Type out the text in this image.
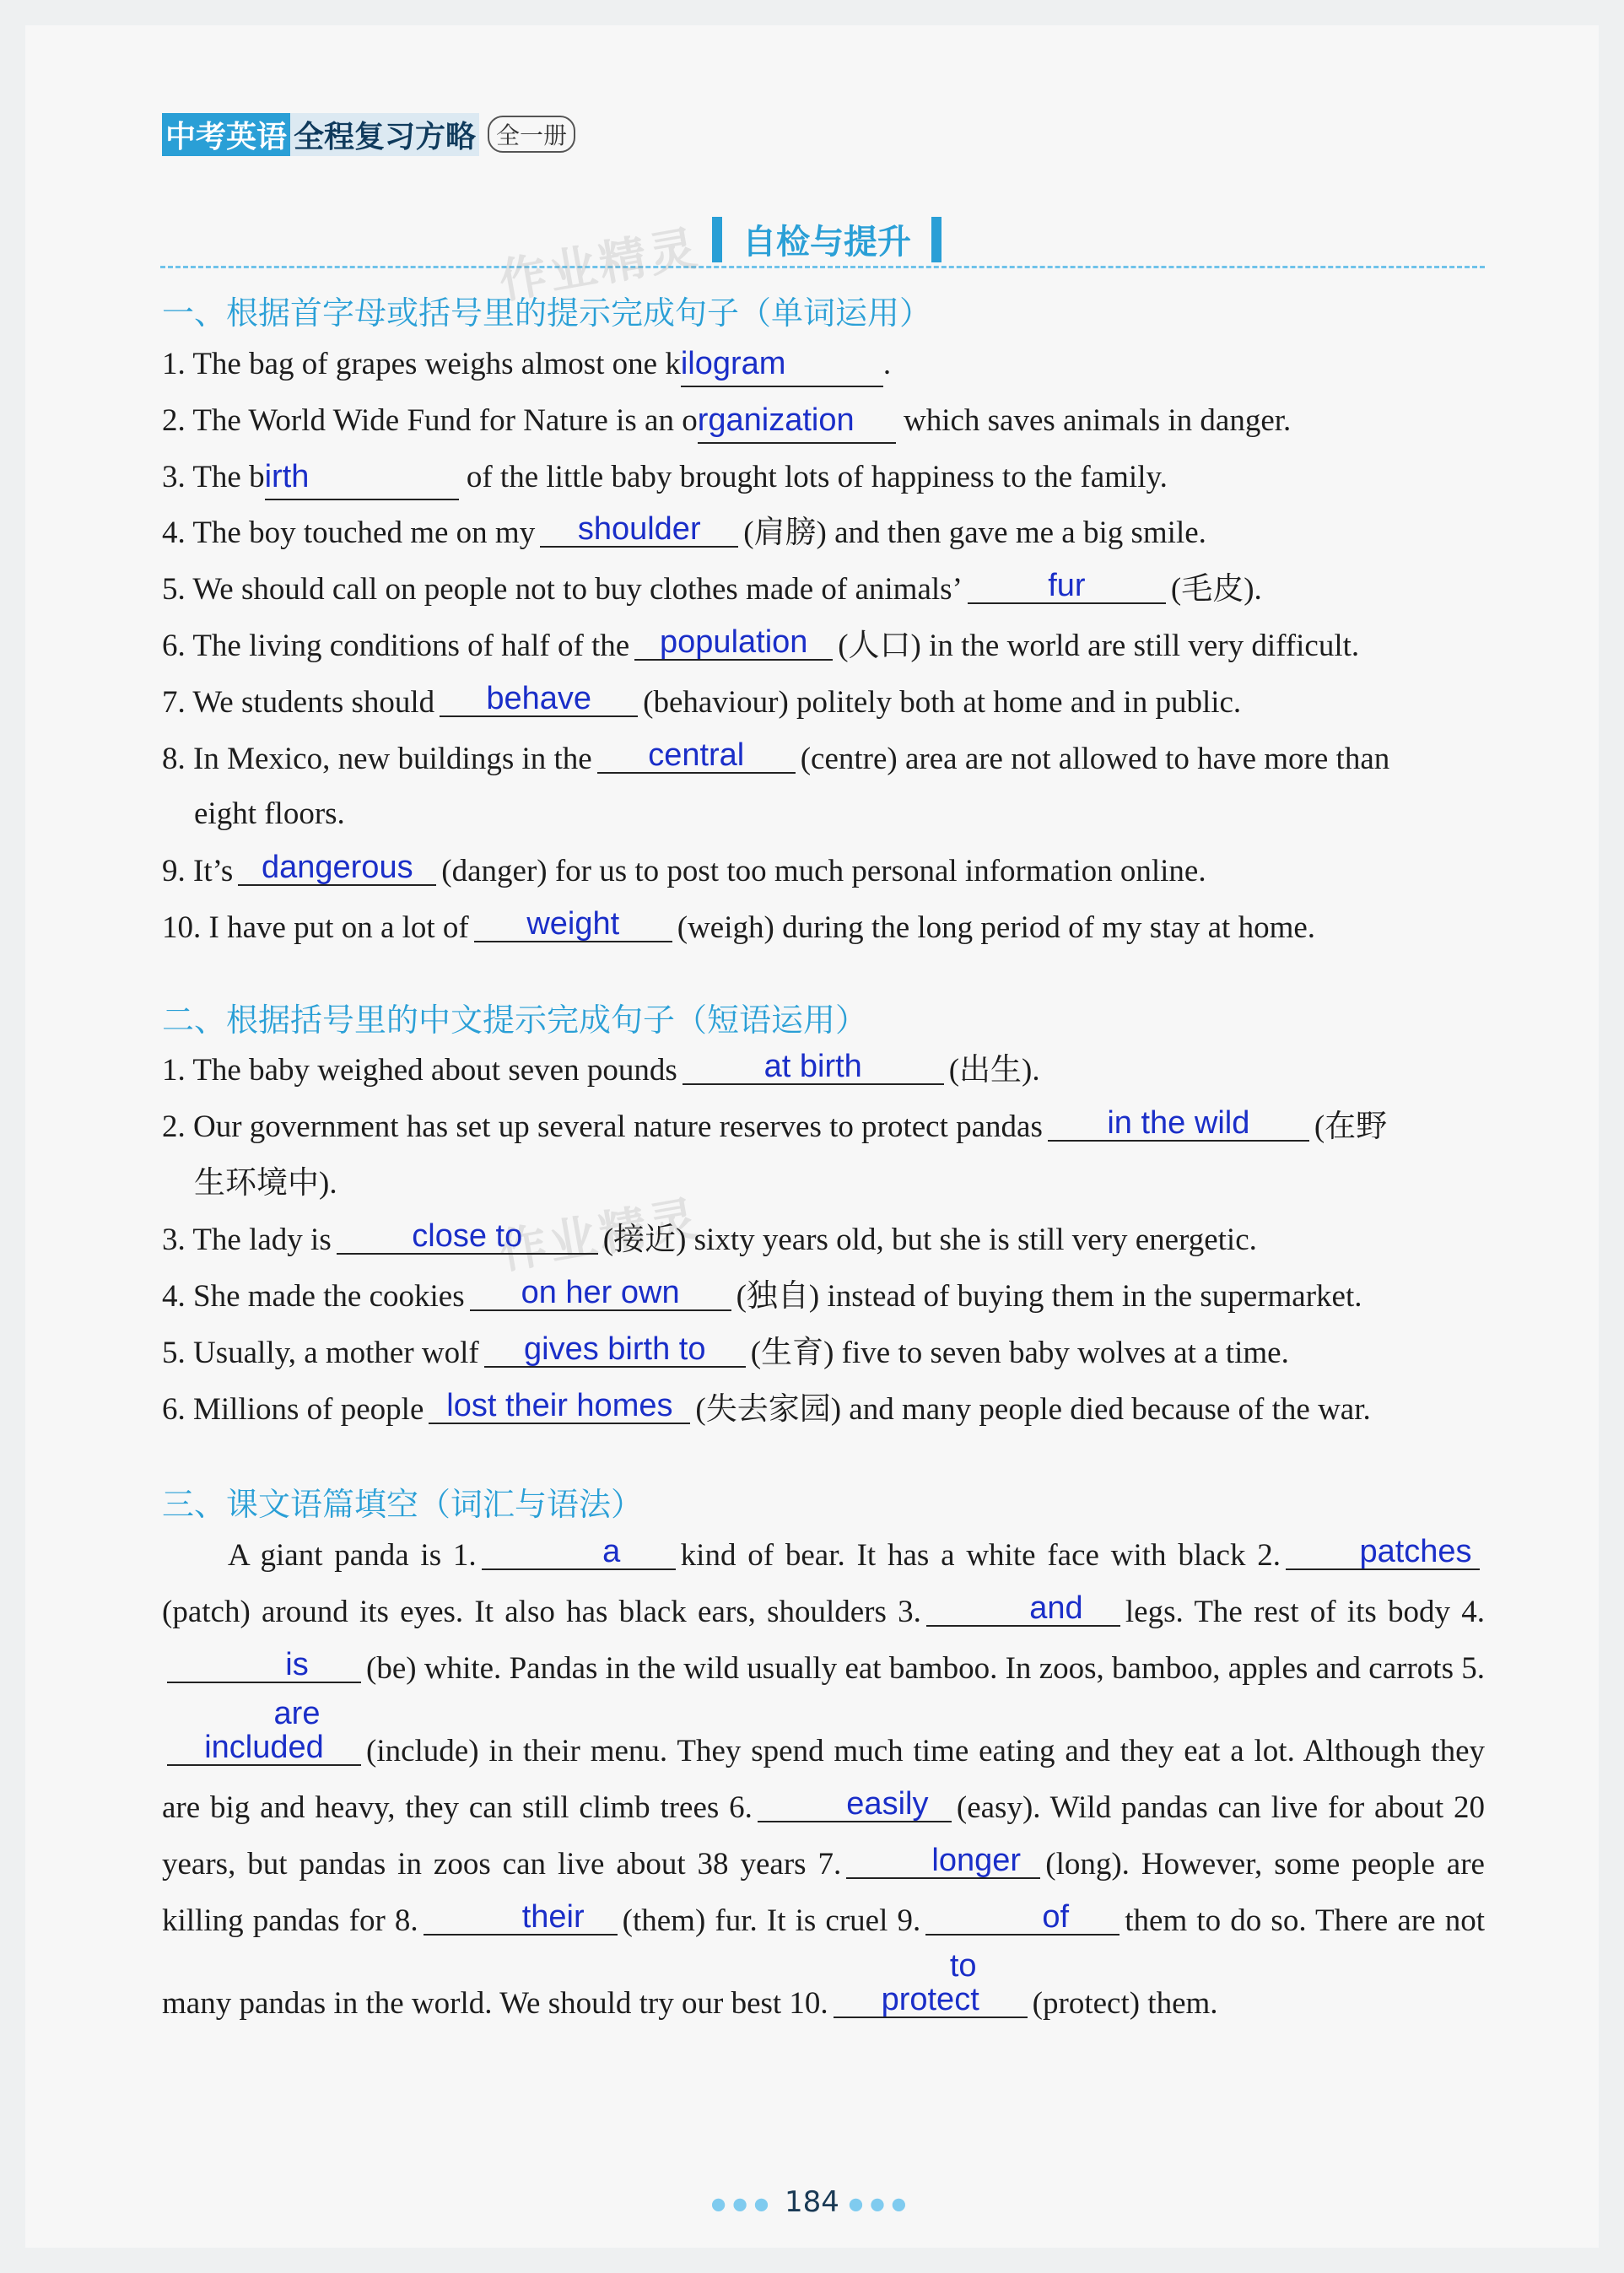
中考英语 全程复习方略 全一册
自检与提升
作业精灵
作业精灵
一、根据首字母或括号里的提示完成句子（单词运用）
1. The bag of grapes weighs almost one kilogram	.
2. The World Wide Fund for Nature is an organization which saves animals in danger.
3. The birth	of the little baby brought lots of happiness to the family.
4. The boy touched me on my shoulder (肩膀) and then gave me a big smile.
5. We should call on people not to buy clothes made of animals’	fur	(毛皮).
6. The living conditions of half of the population (人口) in the world are still very difficult.
7. We students should behave (behaviour) politely both at home and in public.
8. In Mexico, new buildings in the central (centre) area are not allowed to have more than
eight floors.
9. It’s dangerous (danger) for us to post too much personal information online.
10. I have put on a lot of weight (weigh) during the long period of my stay at home.
二、根据括号里的中文提示完成句子（短语运用）
1. The baby weighed about seven pounds	at birth	(出生).
2. Our government has set up several nature reserves to protect pandas in the wild (在野
生环境中).
3. The lady is	close to	(接近) sixty years old, but she is still very energetic.
4. She made the cookies on her own (独自) instead of buying them in the supermarket.
5. Usually, a mother wolf gives birth to (生育) five to seven baby wolves at a time.
6. Millions of people lost their homes (失去家园) and many people died because of the war.
三、课文语篇填空（词汇与语法）
A giant panda is 1.	a kind of bear. It has a white face with black 2. patches(patch) around its eyes. It also has black ears, shoulders 3.	and legs. The rest of its body 4.is (be) white. Pandas in the wild usually eat bamboo. In zoos, bamboo, apples and carrots 5.are included (include) in their menu. They spend much time eating and they eat a lot. Although they are big and heavy, they can still climb trees 6.	easily (easy). Wild pandas can live for about 20 years, but pandas in zoos can live about 38 years 7.	longer (long). However, some people are killing pandas for 8.	their (them) fur. It is cruel 9.	of them to do so. There are not many pandas in the world. We should try our best 10.to protect (protect) them.
●●● 184 ●●●
